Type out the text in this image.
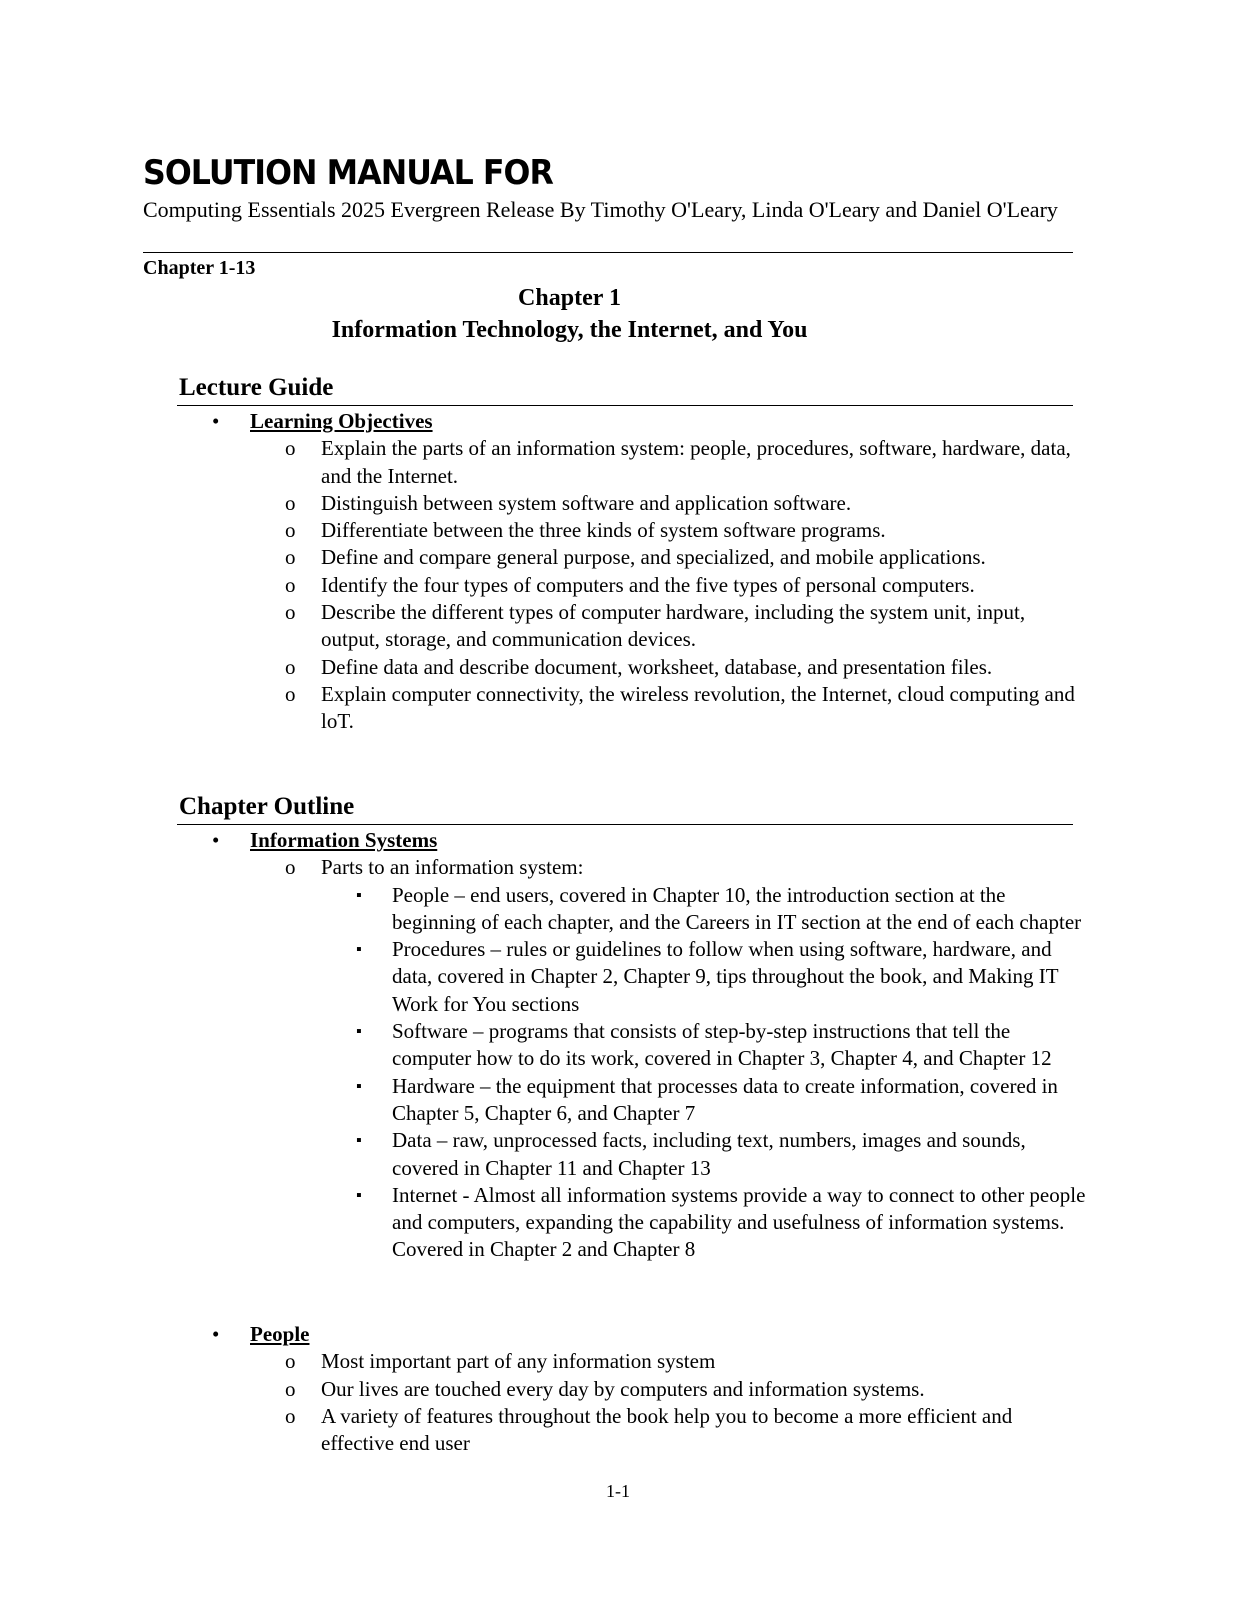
SOLUTION MANUAL FOR
Computing Essentials 2025 Evergreen Release By Timothy O'Leary, Linda O'Leary and Daniel O'Leary
Chapter 1-13
Chapter 1
Information Technology, the Internet, and You
Lecture Guide
• Learning Objectives
o Explain the parts of an information system: people, procedures, software, hardware, data, and the Internet.
o Distinguish between system software and application software.
o Differentiate between the three kinds of system software programs.
o Define and compare general purpose, and specialized, and mobile applications.
o Identify the four types of computers and the five types of personal computers.
o Describe the different types of computer hardware, including the system unit, input, output, storage, and communication devices.
o Define data and describe document, worksheet, database, and presentation files.
o Explain computer connectivity, the wireless revolution, the Internet, cloud computing and loT.
Chapter Outline
• Information Systems
o Parts to an information system:
▪ People – end users, covered in Chapter 10, the introduction section at the beginning of each chapter, and the Careers in IT section at the end of each chapter
▪ Procedures – rules or guidelines to follow when using software, hardware, and data, covered in Chapter 2, Chapter 9, tips throughout the book, and Making IT Work for You sections
▪ Software – programs that consists of step-by-step instructions that tell the computer how to do its work, covered in Chapter 3, Chapter 4, and Chapter 12
▪ Hardware – the equipment that processes data to create information, covered in Chapter 5, Chapter 6, and Chapter 7
▪ Data – raw, unprocessed facts, including text, numbers, images and sounds, covered in Chapter 11 and Chapter 13
▪ Internet - Almost all information systems provide a way to connect to other people and computers, expanding the capability and usefulness of information systems. Covered in Chapter 2 and Chapter 8
• People
o Most important part of any information system
o Our lives are touched every day by computers and information systems.
o A variety of features throughout the book help you to become a more efficient and effective end user
1-1
